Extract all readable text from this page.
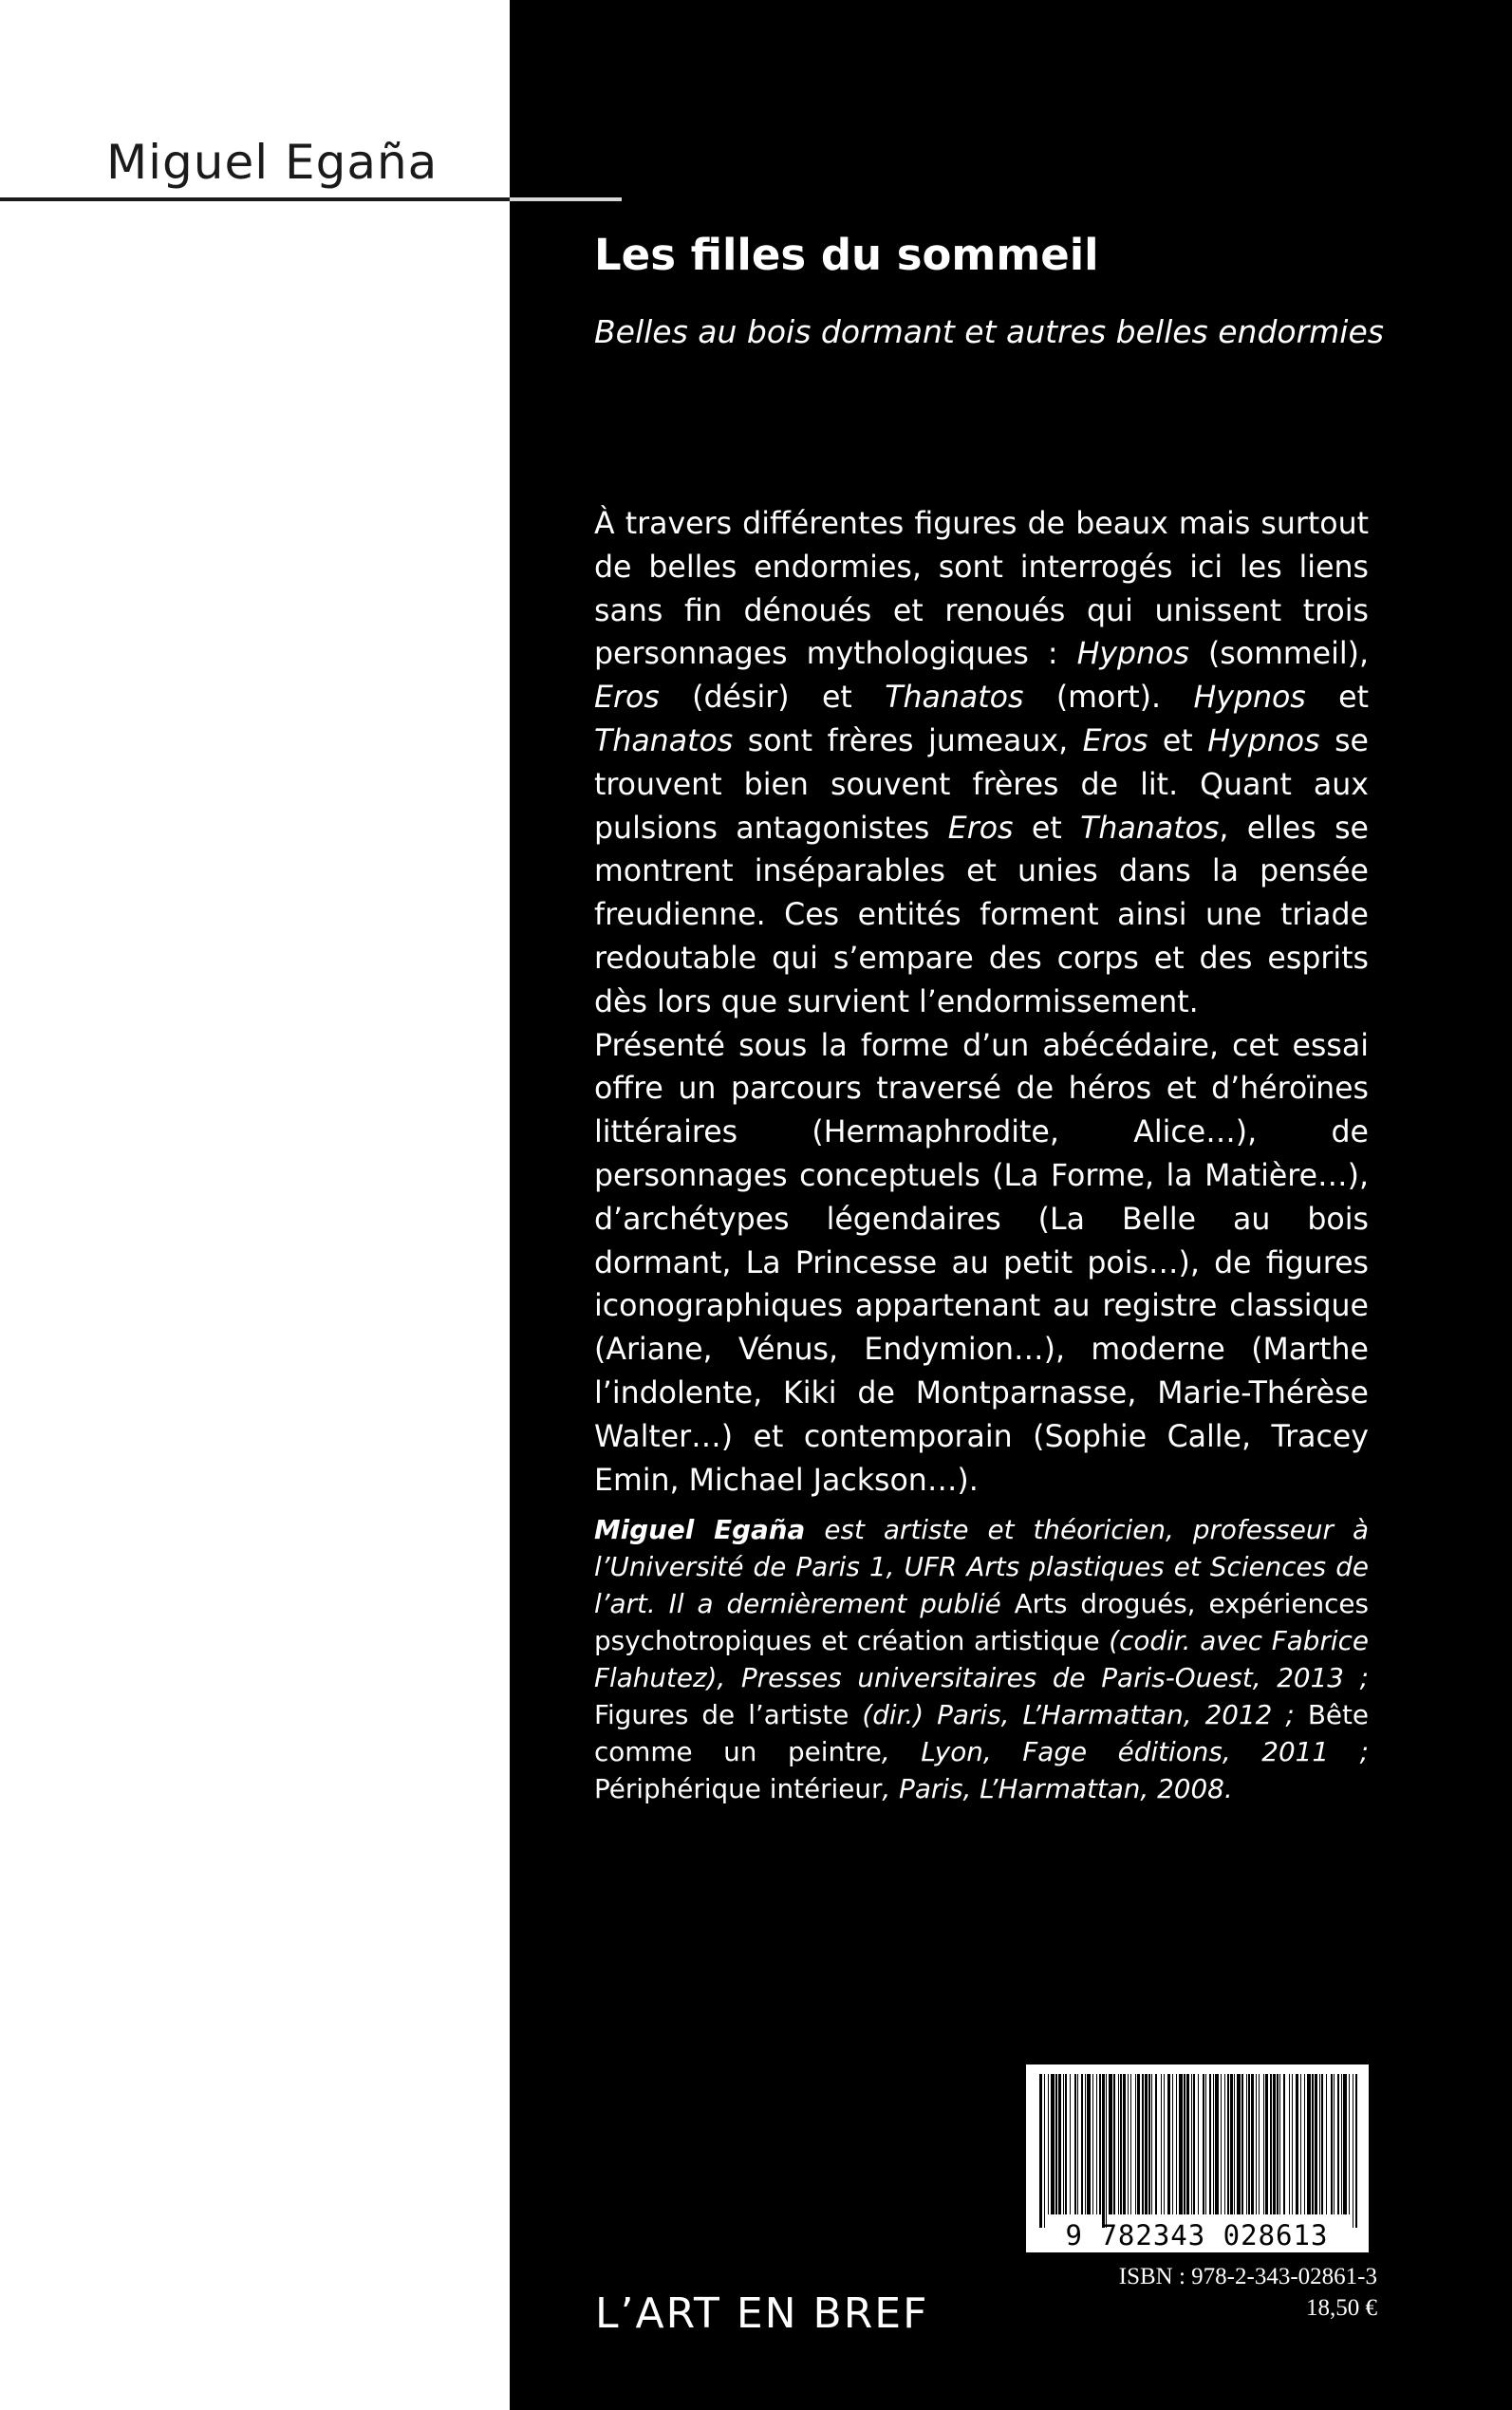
Miguel Egaña
Les filles du sommeil
Belles au bois dormant et autres belles endormies

À travers différentes figures de beaux mais surtout de belles endormies, sont interrogés ici les liens sans fin dénoués et renoués qui unissent trois personnages mythologiques : Hypnos (sommeil), Eros (désir) et Thanatos (mort). Hypnos et Thanatos sont frères jumeaux, Eros et Hypnos se trouvent bien souvent frères de lit. Quant aux pulsions antagonistes Eros et Thanatos, elles se montrent inséparables et unies dans la pensée freudienne. Ces entités forment ainsi une triade redoutable qui s’empare des corps et des esprits dès lors que survient l’endormissement.

Présenté sous la forme d’un abécédaire, cet essai offre un parcours traversé de héros et d’héroïnes littéraires (Hermaphrodite, Alice…), de personnages conceptuels (La Forme, la Matière…), d’archétypes légendaires (La Belle au bois dormant, La Princesse au petit pois…), de figures iconographiques appartenant au registre classique (Ariane, Vénus, Endymion…), moderne (Marthe l’indolente, Kiki de Montparnasse, Marie-Thérèse Walter…) et contemporain (Sophie Calle, Tracey Emin, Michael Jackson…).

Miguel Egaña est artiste et théoricien, professeur à l’Université de Paris 1, UFR Arts plastiques et Sciences de l’art. Il a dernièrement publié Arts drogués, expériences psychotropiques et création artistique (codir. avec Fabrice Flahutez), Presses universitaires de Paris-Ouest, 2013 ; Figures de l’artiste (dir.) Paris, L’Harmattan, 2012 ; Bête comme un peintre, Lyon, Fage éditions, 2011 ; Périphérique intérieur, Paris, L’Harmattan, 2008.

9 782343 028613
ISBN : 978-2-343-02861-3
18,50 €
L’ART EN BREF
